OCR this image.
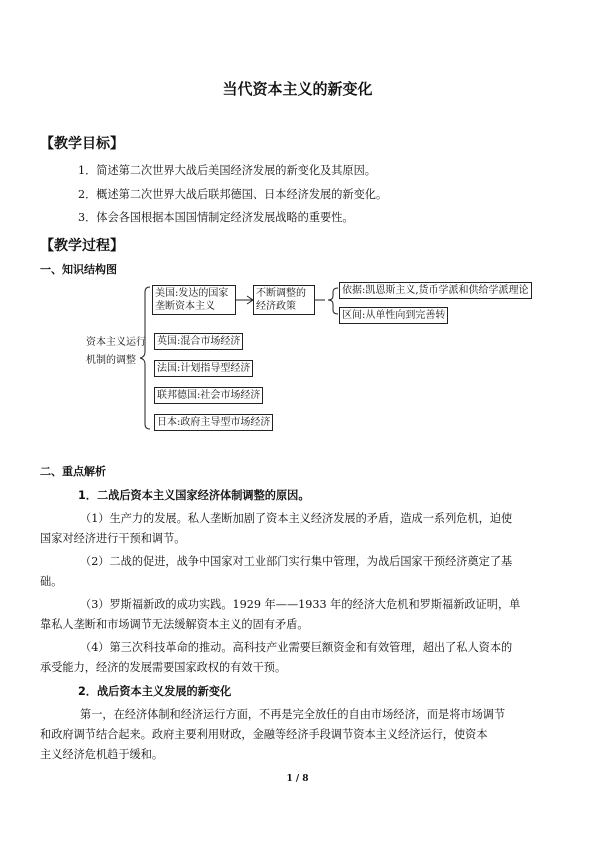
当代资本主义的新变化
【教学目标】
1．简述第二次世界大战后美国经济发展的新变化及其原因。
2．概述第二次世界大战后联邦德国、日本经济发展的新变化。
3．体会各国根据本国国情制定经济发展战略的重要性。
【教学过程】
一、知识结构图
资本主义运行
机制的调整
美国:发达的国家
垄断资本主义
不断调整的
经济政策
依据:凯恩斯主义,货币学派和供给学派理论
区间:从单性向到完善转
英国:混合市场经济
法国:计划指导型经济
联邦德国:社会市场经济
日本:政府主导型市场经济
二、重点解析
1．二战后资本主义国家经济体制调整的原因。
（1）生产力的发展。私人垄断加剧了资本主义经济发展的矛盾，造成一系列危机，迫使
国家对经济进行干预和调节。
（2）二战的促进，战争中国家对工业部门实行集中管理，为战后国家干预经济奠定了基
础。
（3）罗斯福新政的成功实践。1929 年——1933 年的经济大危机和罗斯福新政证明，单
靠私人垄断和市场调节无法缓解资本主义的固有矛盾。
（4）第三次科技革命的推动。高科技产业需要巨额资金和有效管理，超出了私人资本的
承受能力，经济的发展需要国家政权的有效干预。
2．战后资本主义发展的新变化
第一，在经济体制和经济运行方面，不再是完全放任的自由市场经济，而是将市场调节
和政府调节结合起来。政府主要利用财政，金融等经济手段调节资本主义经济运行，使资本
主义经济危机趋于缓和。
1 / 8
